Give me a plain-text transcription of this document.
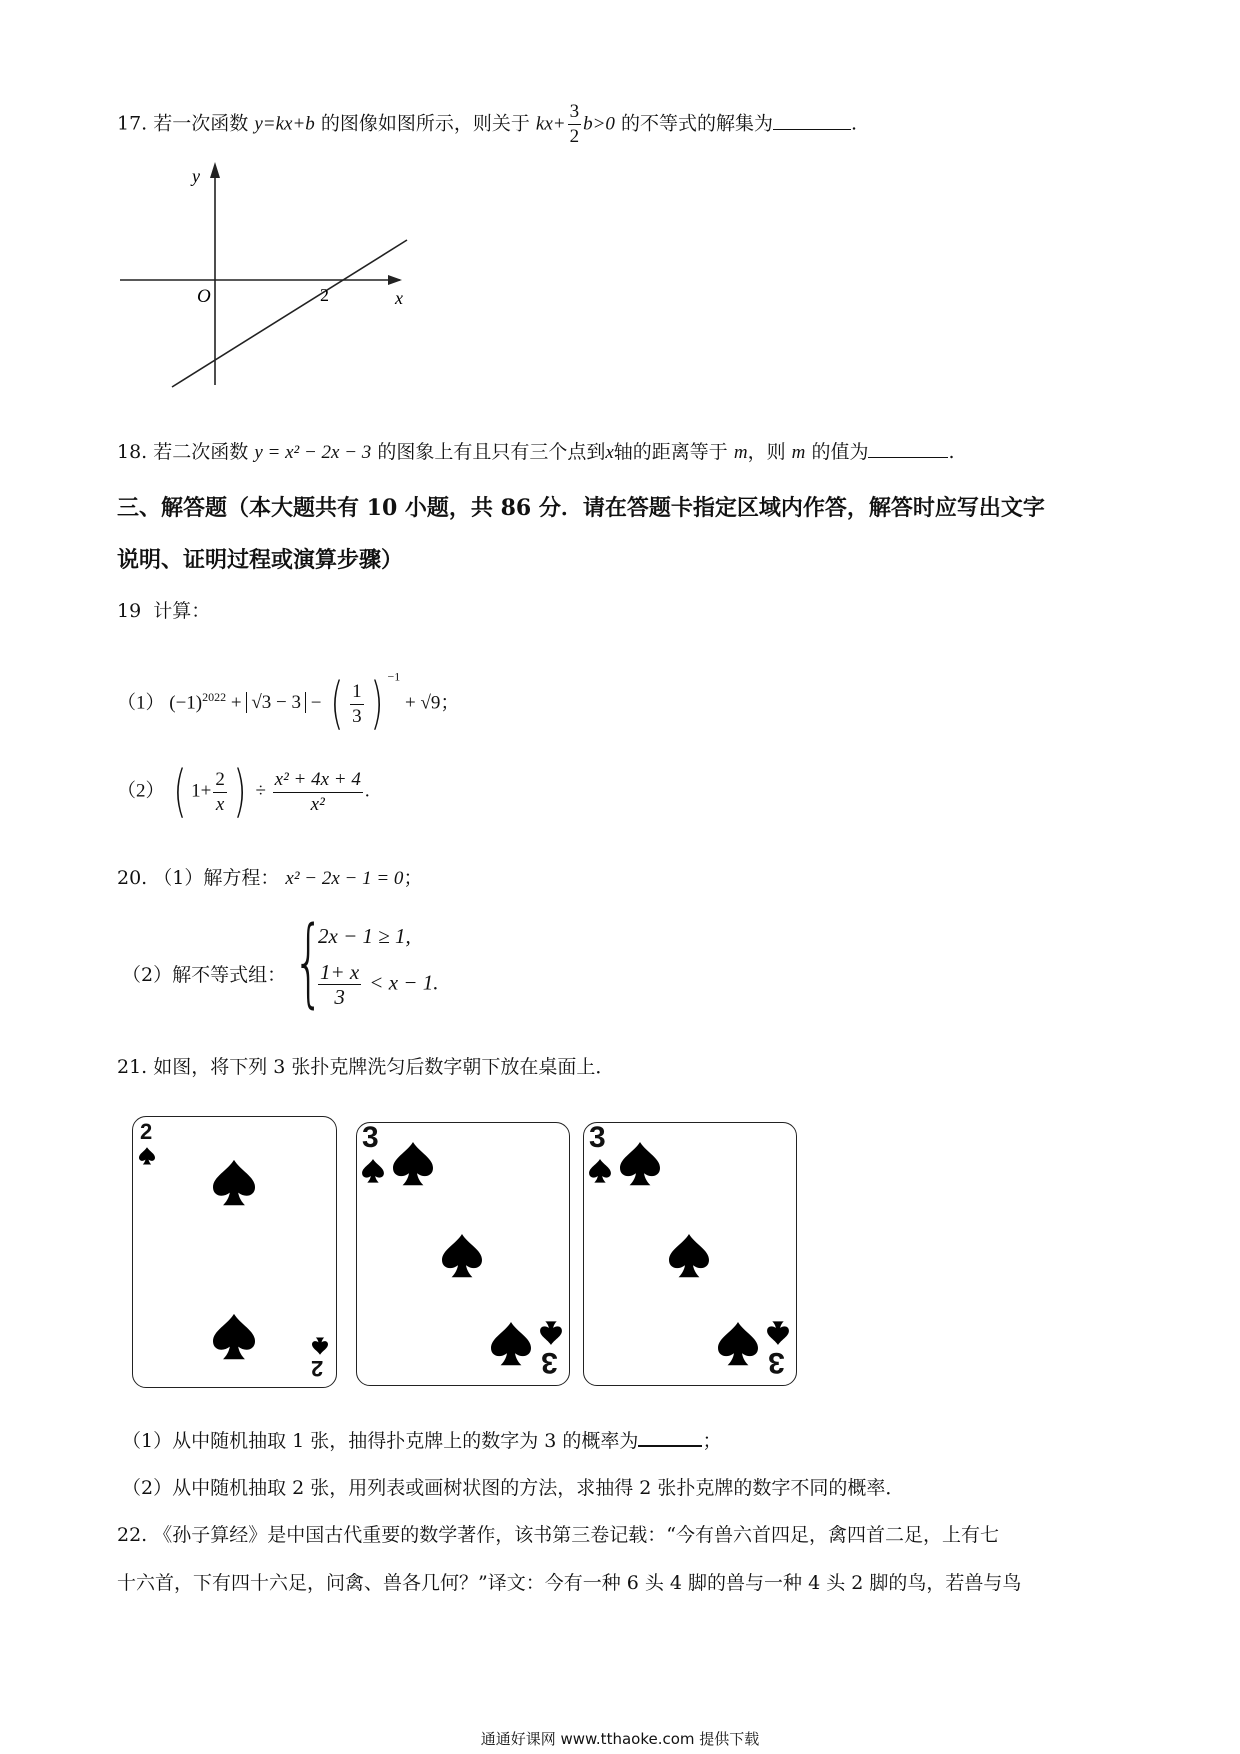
17. 若一次函数 y=kx+b 的图像如图所示，则关于 $kx+ \frac{3}{2} b>0$ 的不等式的解集为	.
y
x
O	2
18. 若二次函数 y = x² − 2x − 3 的图象上有且只有三个点到x轴的距离等于 m，则 m 的值为	.
三、解答题（本大题共有 10 小题，共 86 分．请在答题卡指定区域内作答，解答时应写出文字
说明、证明过程或演算步骤）
19 计算：
（1） $(-1)^{2022} + √3 - 3$ − ( $\frac{1}{3}$ ) $^{-1}$ + √9；
（2） ( $1+ \frac{2}{x}$ ) ÷ $\frac{\text{x² + 4x + 4}}{\text{x²}}$ .
20. （1）解方程： x² − 2x − 1 = 0；
（2）解不等式组： {
2x − 1 ≥ 1,
$\frac{1+ x}{3} < x - 1$.
21. 如图，将下列 3 张扑克牌洗匀后数字朝下放在桌面上．
2
2
3
3
3
3
（1）从中随机抽取 1 张，抽得扑克牌上的数字为 3 的概率为	；
（2）从中随机抽取 2 张，用列表或画树状图的方法，求抽得 2 张扑克牌的数字不同的概率．
22. 《孙子算经》是中国古代重要的数学著作，该书第三卷记载：“今有兽六首四足，禽四首二足，上有七
十六首，下有四十六足，问禽、兽各几何？”译文：今有一种 6 头 4 脚的兽与一种 4 头 2 脚的鸟，若兽与鸟
通通好课网 www.tthaoke.com 提供下载
